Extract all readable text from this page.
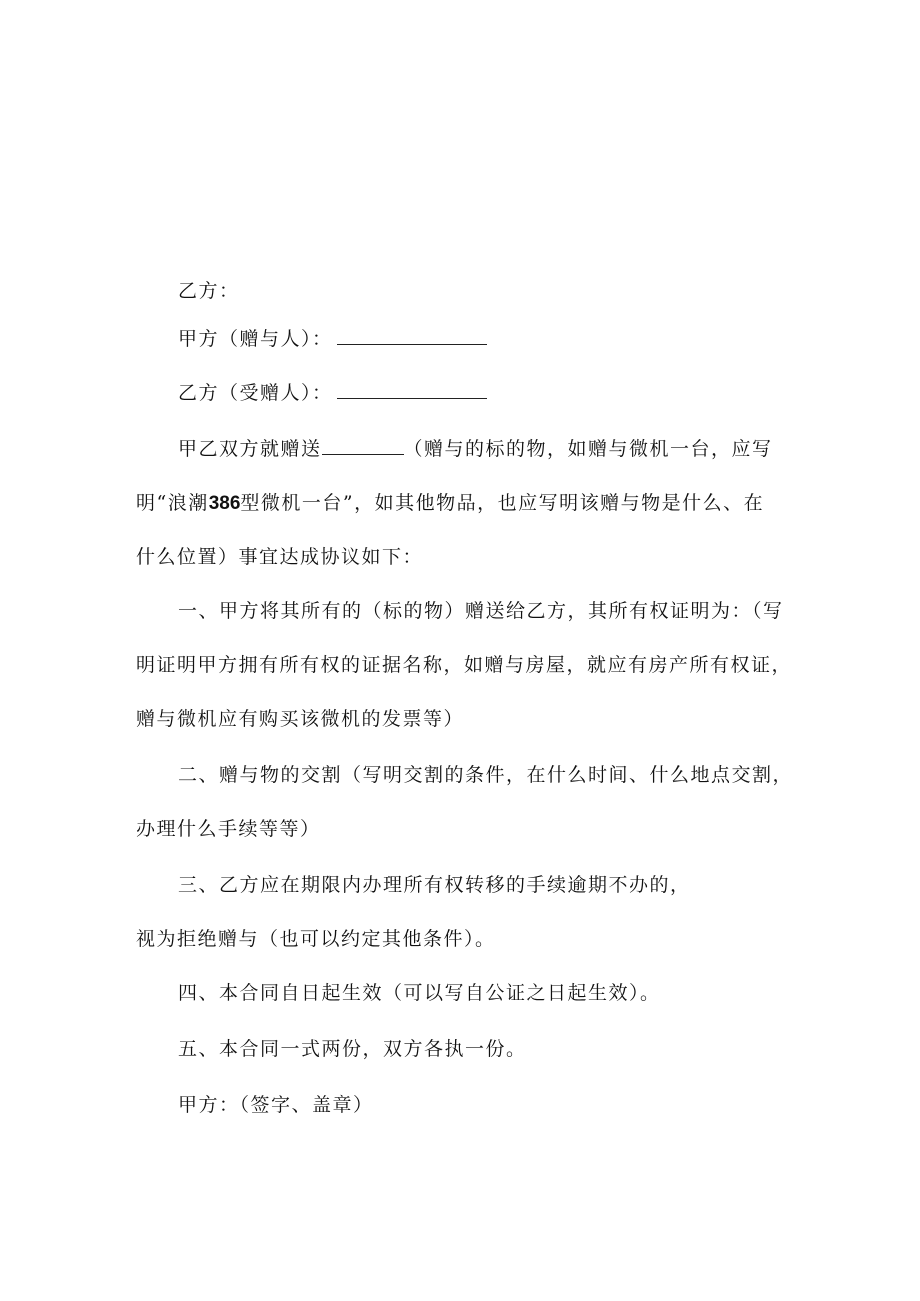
乙方：
甲方（赠与人）：
乙方（受赠人）：
甲乙双方就赠送	（赠与的标的物，如赠与微机一台，应写
明“浪潮386型微机一台”，如其他物品，也应写明该赠与物是什么、在
什么位置）事宜达成协议如下：
一、甲方将其所有的（标的物）赠送给乙方，其所有权证明为：（写
明证明甲方拥有所有权的证据名称，如赠与房屋，就应有房产所有权证，
赠与微机应有购买该微机的发票等）
二、赠与物的交割（写明交割的条件，在什么时间、什么地点交割，
办理什么手续等等）
三、乙方应在期限内办理所有权转移的手续逾期不办的，
视为拒绝赠与（也可以约定其他条件）。
四、本合同自日起生效（可以写自公证之日起生效）。
五、本合同一式两份，双方各执一份。
甲方：（签字、盖章）
